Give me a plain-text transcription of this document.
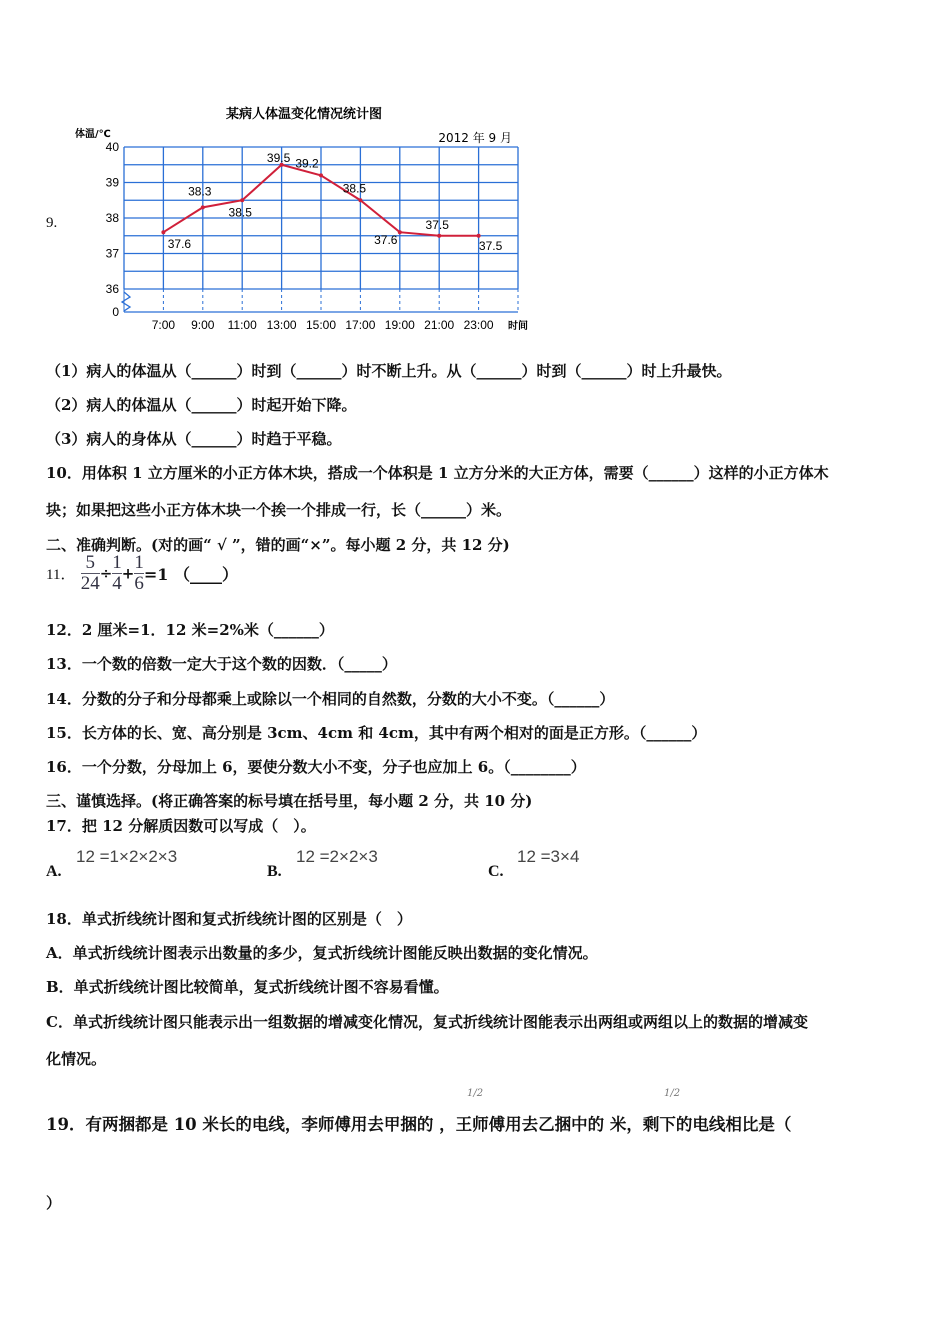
9.
某病人体温变化情况统计图
2012 年 9 月
体温/℃
时间
40
39
38
37
36
0
7:00 9:00 11:00 13:00 15:00 17:00 19:00 21:00 23:00
37.6
38.3
38.5
39.5 39.2
38.5
37.6
37.5
37.5
（1）病人的体温从（______）时到（______）时不断上升。从（______）时到（______）时上升最快。
（2）病人的体温从（______）时起开始下降。
（3）病人的身体从（______）时趋于平稳。
10．用体积 1 立方厘米的小正方体木块，搭成一个体积是 1 立方分米的大正方体，需要（______）这样的小正方体木
块；如果把这些小正方体木块一个挨一个排成一行，长（______）米。
二、准确判断。(对的画“ √ ”，错的画“×”。每小题 2 分，共 12 分)
11． $\frac{5}{24} \div \frac{1}{4} + \frac{1}{6} =1$ （____）
12．2 厘米=1．12 米=2%米（______）
13．一个数的倍数一定大于这个数的因数．（_____）
14．分数的分子和分母都乘上或除以一个相同的自然数，分数的大小不变。（______）
15．长方体的长、宽、高分别是 3cm、4cm 和 4cm，其中有两个相对的面是正方形。（______）
16．一个分数，分母加上 6，要使分数大小不变，分子也应加上 6。（________）
三、谨慎选择。(将正确答案的标号填在括号里，每小题 2 分，共 10 分)
17．把 12 分解质因数可以写成（　）。
A.
12 =1×2×2×3
B.
12 =2×2×3
C.
12 =3×4
18．单式折线统计图和复式折线统计图的区别是（　）
A．单式折线统计图表示出数量的多少，复式折线统计图能反映出数据的变化情况。
B．单式折线统计图比较简单，复式折线统计图不容易看懂。
C．单式折线统计图只能表示出一组数据的增减变化情况，复式折线统计图能表示出两组或两组以上的数据的增减变
化情况。
19．有两捆都是 10 米长的电线，李师傅用去甲捆的 ，王师傅用去乙捆中的 米，剩下的电线相比是（
1/2	1/2
）
